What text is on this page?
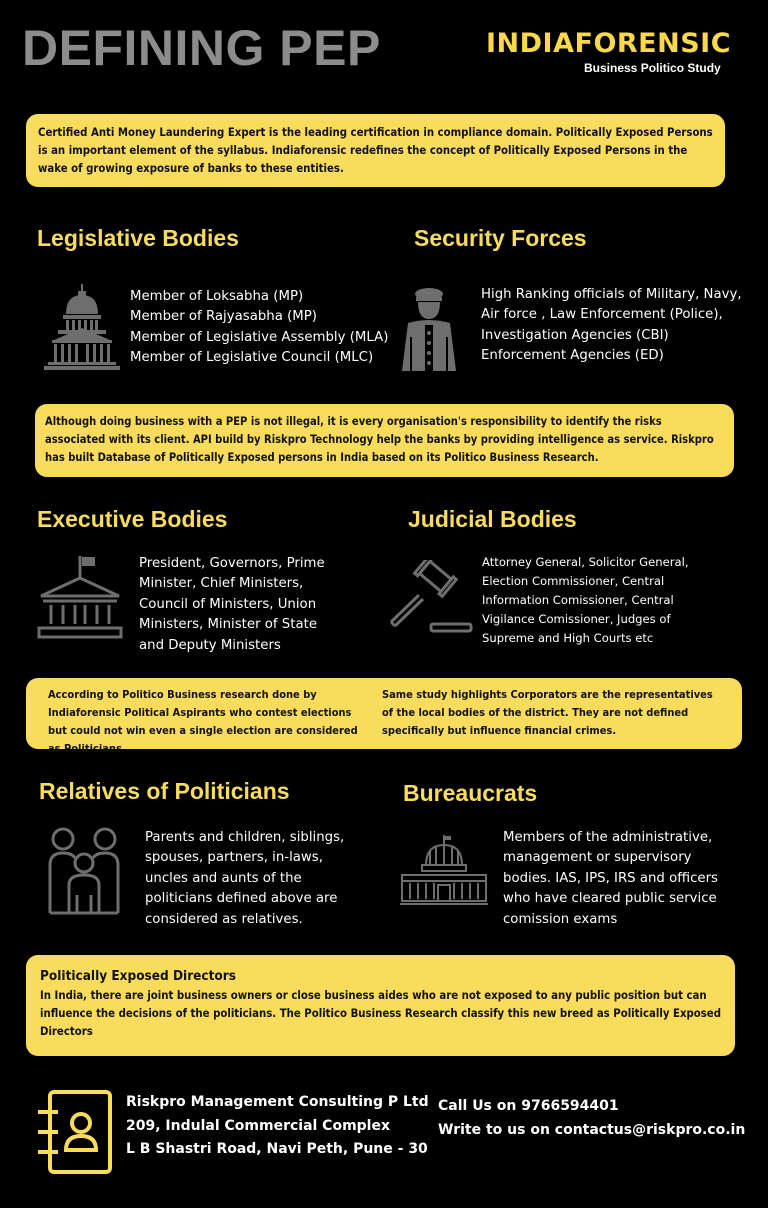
DEFINING PEP	INDIAFORENSIC
Business Politico Study
Certified Anti Money Laundering Expert is the leading certification in compliance domain. Politically Exposed Persons is an important element of the syllabus. Indiaforensic redefines the concept of Politically Exposed Persons in the wake of growing exposure of banks to these entities.
Legislative Bodies
Member of Loksabha (MP)
Member of Rajyasabha (MP)
Member of Legislative Assembly (MLA)
Member of Legislative Council (MLC)
Security Forces
High Ranking officials of Military, Navy,
Air force , Law Enforcement (Police),
Investigation Agencies (CBI)
Enforcement Agencies (ED)
Although doing business with a PEP is not illegal, it is every organisation's responsibility to identify the risks associated with its client. API build by Riskpro Technology help the banks by providing intelligence as service. Riskpro has built Database of Politically Exposed persons in India based on its Politico Business Research.
Executive Bodies
President, Governors, Prime Minister, Chief Ministers, Council of Ministers, Union Ministers, Minister of State and Deputy Ministers
Judicial Bodies
Attorney General, Solicitor General, Election Commissioner, Central Information Comissioner, Central Vigilance Comissioner, Judges of Supreme and High Courts etc
According to Politico Business research done by Indiaforensic Political Aspirants who contest elections but could not win even a single election are considered as Politicians.
Same study highlights Corporators are the representatives of the local bodies of the district. They are not defined specifically but influence financial crimes.
Relatives of Politicians
Parents and children, siblings, spouses, partners, in-laws, uncles and aunts of the politicians defined above are considered as relatives.
Bureaucrats
Members of the administrative, management or supervisory bodies. IAS, IPS, IRS and officers who have cleared public service comission exams
Politically Exposed Directors
In India, there are joint business owners or close business aides who are not exposed to any public position but can influence the decisions of the politicians. The Politico Business Research classify this new breed as Politically Exposed Directors
Riskpro Management Consulting P Ltd
209, Indulal Commercial Complex
L B Shastri Road, Navi Peth, Pune - 30
Call Us on 9766594401
Write to us on contactus@riskpro.co.in
